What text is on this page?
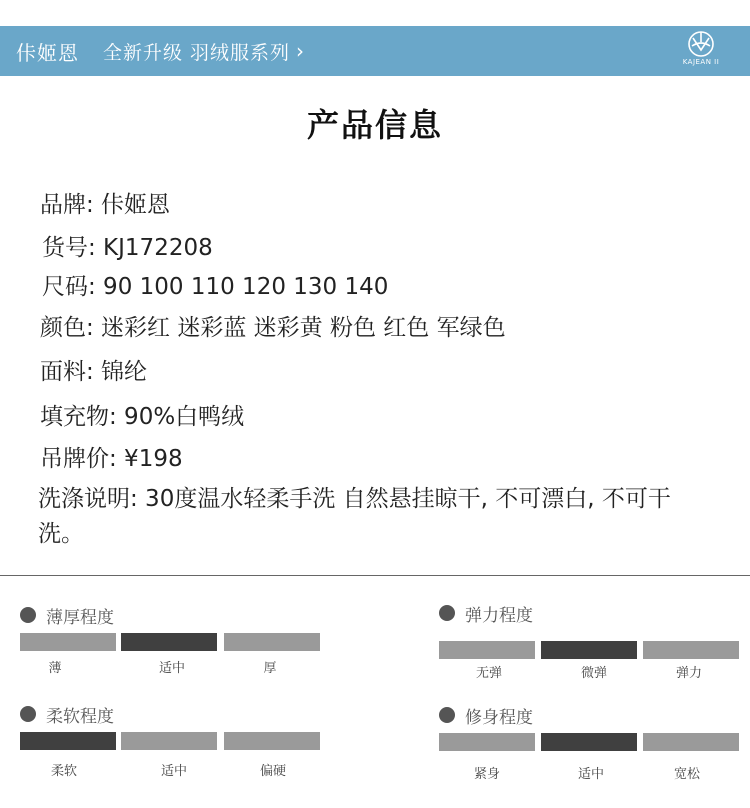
佧姬恩 全新升级 羽绒服系列 ›	KAJEAN II
产品信息
品牌: 佧姬恩
货号: KJ172208
尺码: 90 100 110 120 130 140
颜色: 迷彩红 迷彩蓝 迷彩黄 粉色 红色 军绿色
面料: 锦纶
填充物: 90%白鸭绒
吊牌价: ¥198
洗涤说明: 30度温水轻柔手洗 自然悬挂晾干, 不可漂白, 不可干洗。
薄厚程度
薄	适中	厚
弹力程度
无弹	微弹	弹力
柔软程度
柔软	适中	偏硬
修身程度
紧身	适中	宽松
